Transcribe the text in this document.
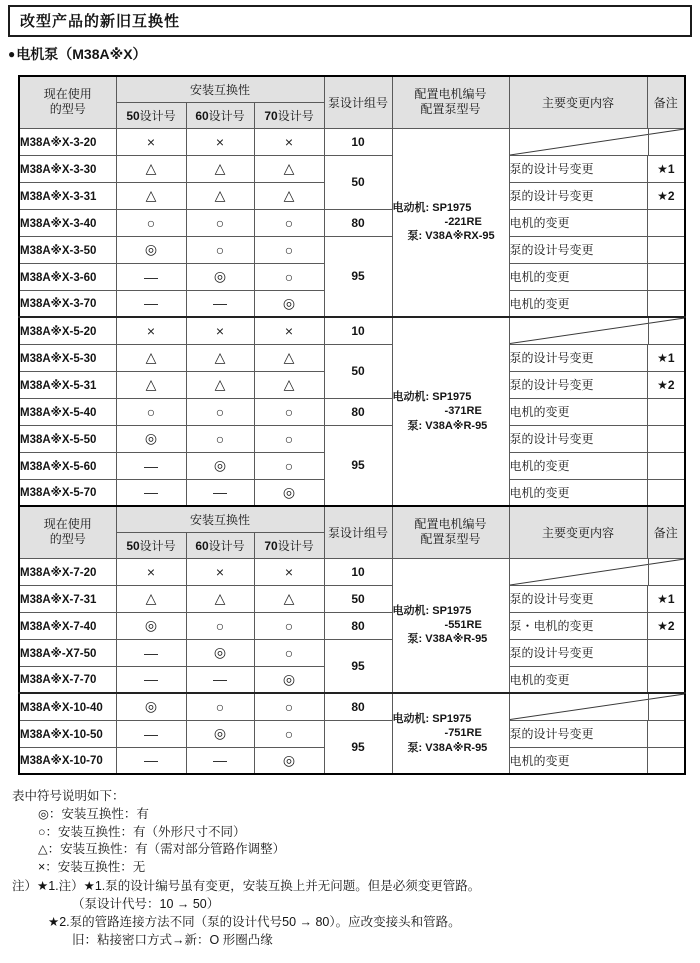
改型产品的新旧互换性
● 电机泵（M38A※X）
现在使用的型号	安装互换性			泵设计组号	配置电机编号
配置泵型号	主要变更内容	备注
	50设计号	60设计号	70设计号				
M38A※X-3-20	×	×	×	10	电动机: SP1975
-221RE
泵: V38A※RX-95

M38A※X-3-30	△	△	△	50		泵的设计号变更	★1
M38A※X-3-31	△	△	△			泵的设计号变更	★2
M38A※X-3-40	○	○	○	80		电机的变更	
M38A※X-3-50	◎	○	○	95		泵的设计号变更	
M38A※X-3-60	—	◎	○			电机的变更	
M38A※X-3-70	—	—	◎			电机的变更	
M38A※X-5-20	×	×	×	10	电动机: SP1975
-371RE
泵: V38A※R-95

M38A※X-5-30	△	△	△	50		泵的设计号变更	★1
M38A※X-5-31	△	△	△			泵的设计号变更	★2
M38A※X-5-40	○	○	○	80		电机的变更	
M38A※X-5-50	◎	○	○	95		泵的设计号变更	
M38A※X-5-60	—	◎	○			电机的变更	
M38A※X-5-70	—	—	◎			电机的变更	
现在使用的型号	安装互换性			泵设计组号	配置电机编号
配置泵型号	主要变更内容	备注
	50设计号	60设计号	70设计号				
M38A※X-7-20	×	×	×	10	电动机: SP1975
-551RE
泵: V38A※R-95

M38A※X-7-31	△	△	△	50		泵的设计号变更	★1
M38A※X-7-40	◎	○	○	80		泵・电机的变更	★2
M38A※-X7-50	—	◎	○	95		泵的设计号变更	
M38A※X-7-70	—	—	◎			电机的变更	
M38A※X-10-40	◎	○	○	80	电动机: SP1975
-751RE
泵: V38A※R-95

M38A※X-10-50	—	◎	○	95		泵的设计号变更	
M38A※X-10-70	—	—	◎			电机的变更	
表中符号说明如下：
◎：安装互换性：有
○：安装互换性：有（外形尺寸不同）
△：安装互换性：有（需对部分管路作调整）
×：安装互换性：无
注）★1.注）★1.泵的设计编号虽有变更，安装互换上并无问题。但是必须变更管路。
（泵设计代号：10 → 50）
★2.泵的管路连接方法不同（泵的设计代号50 → 80）。应改变接头和管路。
旧：粘接密口方式→新：O 形圈凸缘
